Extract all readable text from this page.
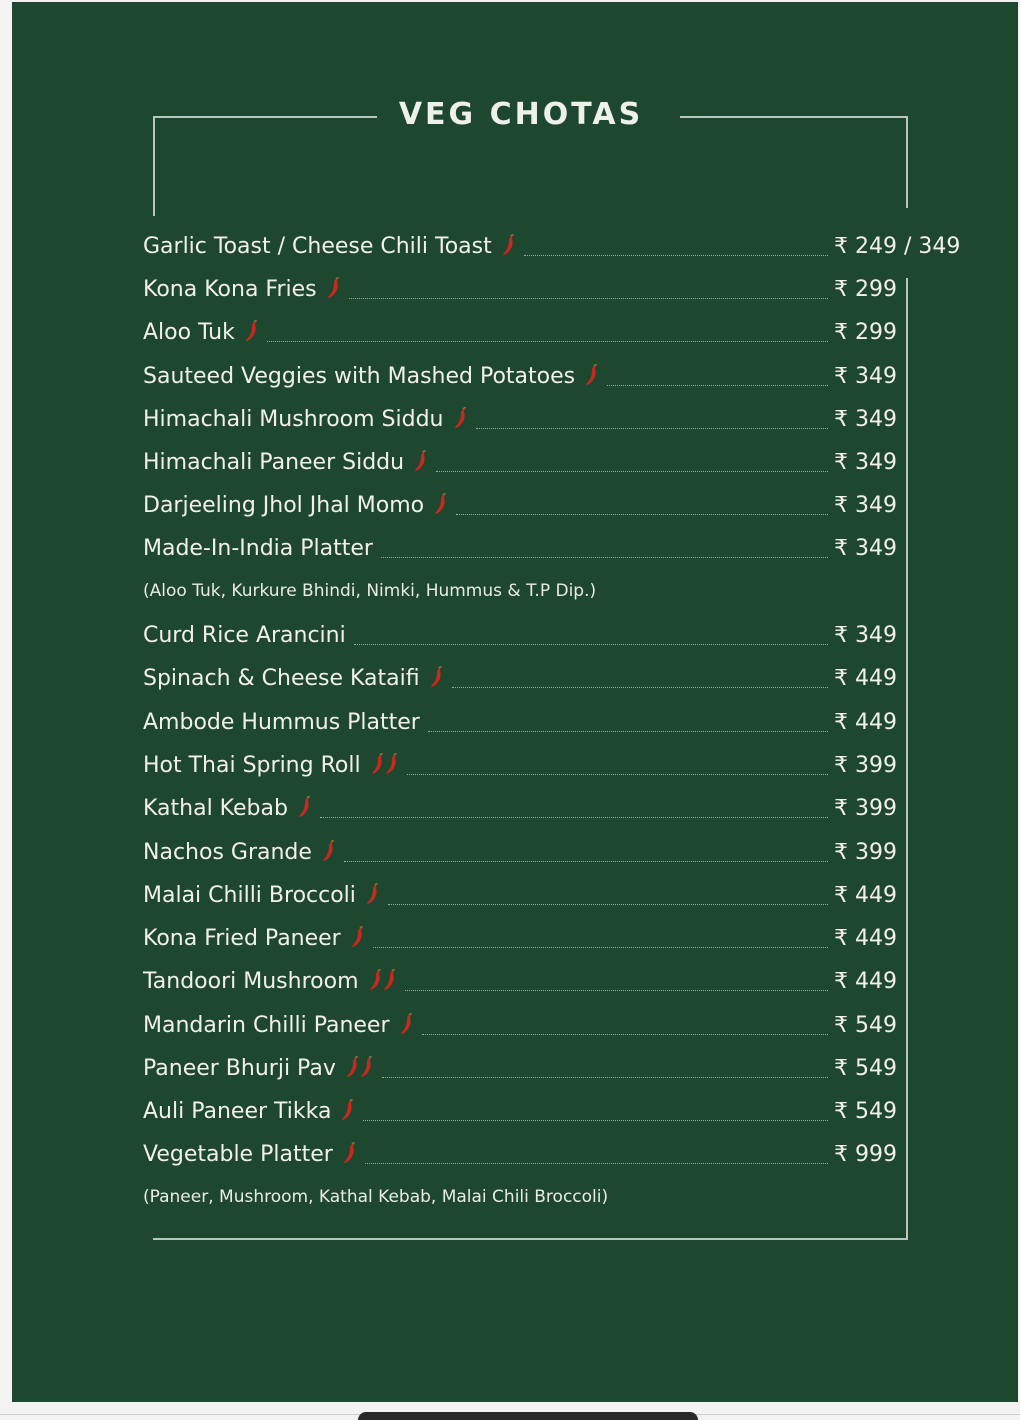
VEG CHOTAS
Garlic Toast / Cheese Chili Toast	₹ 249 / 349
Kona Kona Fries	₹ 299
Aloo Tuk	₹ 299
Sauteed Veggies with Mashed Potatoes	₹ 349
Himachali Mushroom Siddu	₹ 349
Himachali Paneer Siddu	₹ 349
Darjeeling Jhol Jhal Momo	₹ 349
Made-In-India Platter	₹ 349
(Aloo Tuk, Kurkure Bhindi, Nimki, Hummus & T.P Dip.)
Curd Rice Arancini	₹ 349
Spinach & Cheese Kataifi	₹ 449
Ambode Hummus Platter	₹ 449
Hot Thai Spring Roll	₹ 399
Kathal Kebab	₹ 399
Nachos Grande	₹ 399
Malai Chilli Broccoli	₹ 449
Kona Fried Paneer	₹ 449
Tandoori Mushroom	₹ 449
Mandarin Chilli Paneer	₹ 549
Paneer Bhurji Pav	₹ 549
Auli Paneer Tikka	₹ 549
Vegetable Platter	₹ 999
(Paneer, Mushroom, Kathal Kebab, Malai Chili Broccoli)
